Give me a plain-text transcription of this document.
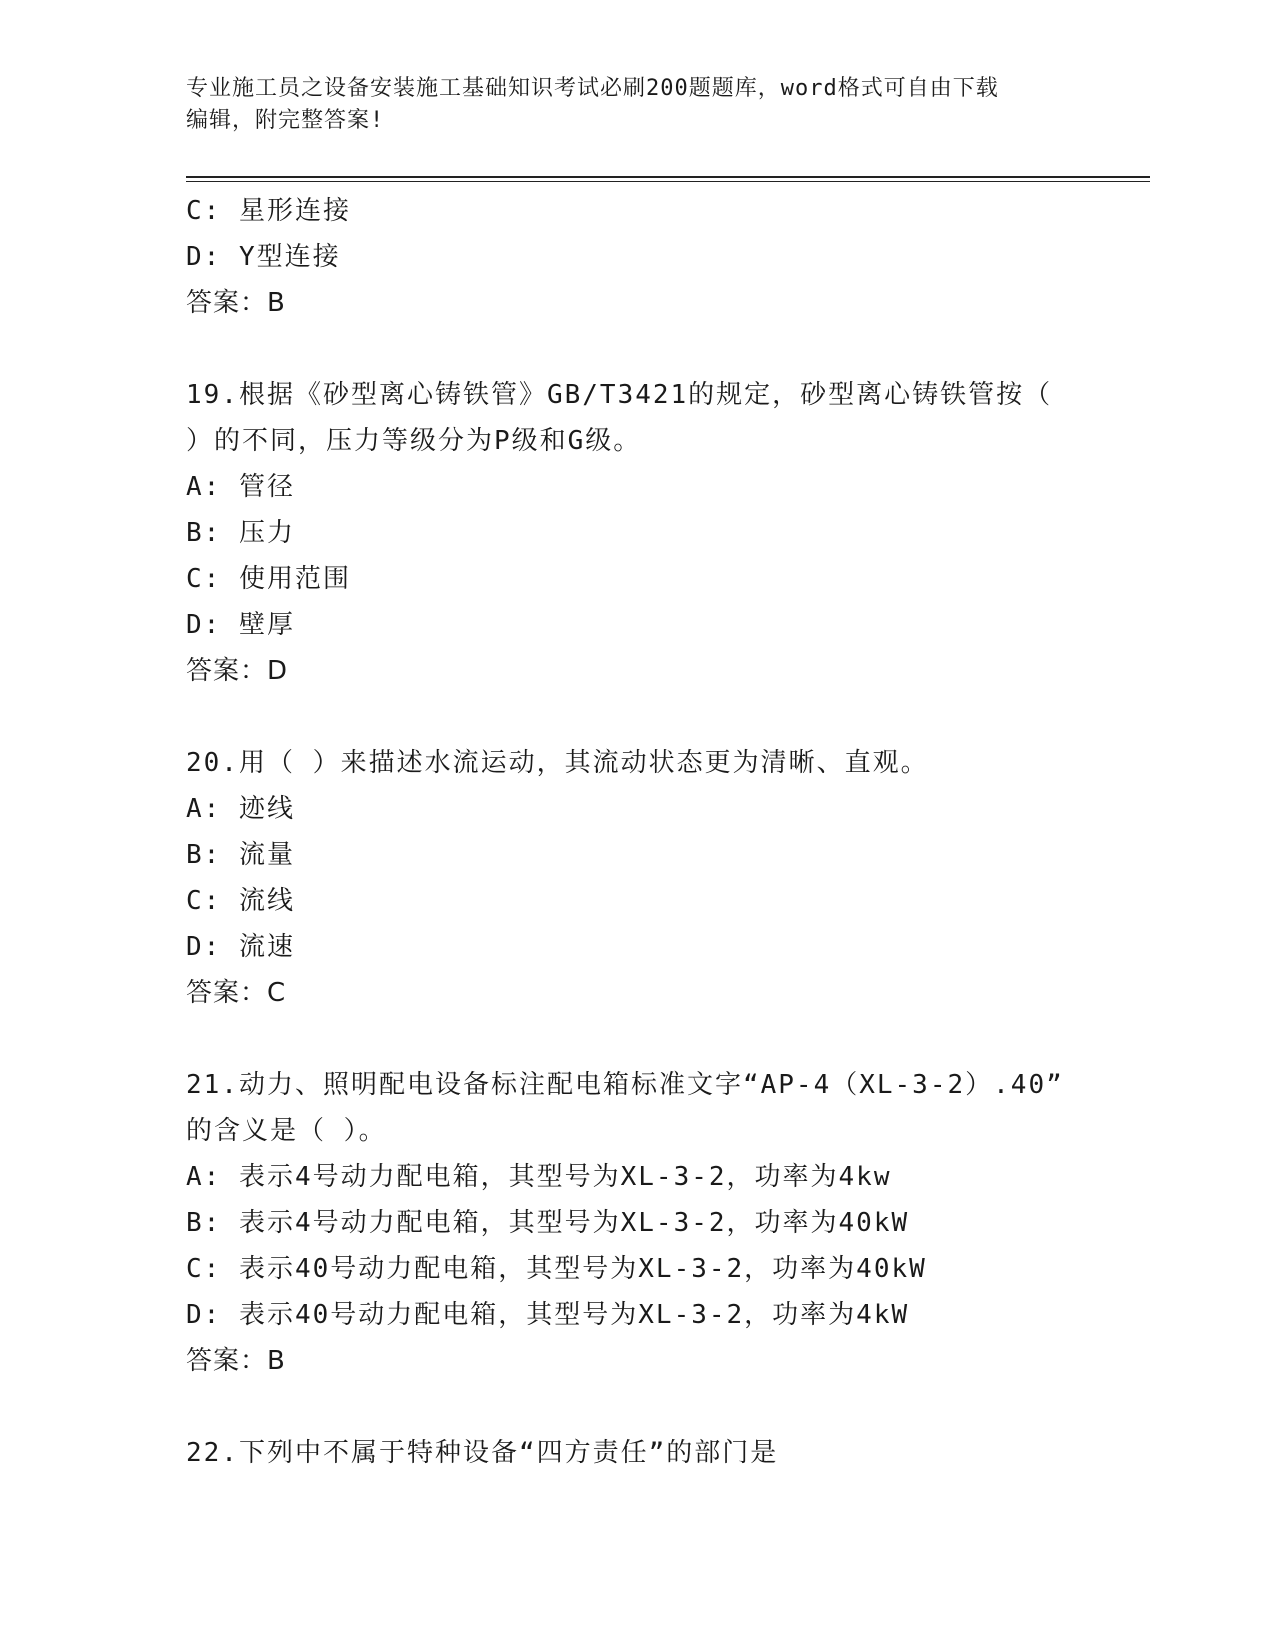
专业施工员之设备安装施工基础知识考试必刷200题题库，word格式可自由下载
编辑，附完整答案!
C: 星形连接
D: Y型连接
答案：B
19.根据《砂型离心铸铁管》GB/T3421的规定，砂型离心铸铁管按（
）的不同，压力等级分为P级和G级。
A: 管径
B: 压力
C: 使用范围
D: 壁厚
答案：D
20.用（ ）来描述水流运动，其流动状态更为清晰、直观。
A: 迹线
B: 流量
C: 流线
D: 流速
答案：C
21.动力、照明配电设备标注配电箱标准文字“AP-4（XL-3-2）.40”
的含义是（ ）。
A: 表示4号动力配电箱，其型号为XL-3-2，功率为4kw
B: 表示4号动力配电箱，其型号为XL-3-2，功率为40kW
C: 表示40号动力配电箱，其型号为XL-3-2，功率为40kW
D: 表示40号动力配电箱，其型号为XL-3-2，功率为4kW
答案：B
22.下列中不属于特种设备“四方责任”的部门是
